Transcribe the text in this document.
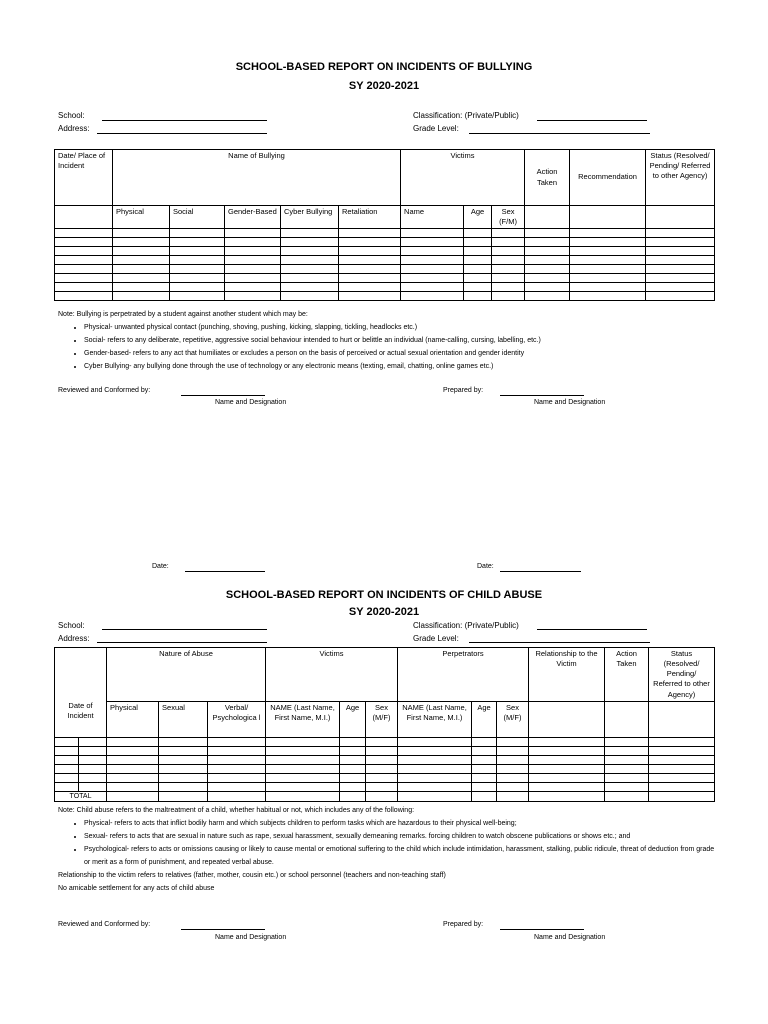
SCHOOL-BASED REPORT ON INCIDENTS OF BULLYING
SY 2020-2021
School:
Address:
Classification: (Private/Public)
Grade Level:
Date/ Place of Incident	Name of Bullying					Victims			Action Taken	Recommendation	Status (Resolved/ Pending/ Referred to other Agency)
	Physical	Social	Gender-Based	Cyber Bullying	Retaliation	Name	Age	Sex (F/M)			

Note: Bullying is perpetrated by a student against another student which may be:
• Physical- unwanted physical contact (punching, shoving, pushing, kicking, slapping, tickling, headlocks etc.)
• Social- refers to any deliberate, repetitive, aggressive social behaviour intended to hurt or belittle an individual (name-calling, cursing, labelling, etc.)
• Gender-based- refers to any act that humiliates or excludes a person on the basis of perceived or actual sexual orientation and gender identity
• Cyber Bullying- any bullying done through the use of technology or any electronic means (texting, email, chatting, online games etc.)
Reviewed and Conformed by:
Name and Designation
Prepared by:
Name and Designation
Date:	Date:
SCHOOL-BASED REPORT ON INCIDENTS OF CHILD ABUSE
SY 2020-2021
School:
Address:
Classification: (Private/Public)
Grade Level:
Date of Incident		Nature of Abuse			Victims			Perpetrators			Relationship to the Victim	Action Taken	Status (Resolved/ Pending/ Referred to other Agency)
		Physical	Sexual	Verbal/ Psychologica l	NAME (Last Name, First Name, M.I.)	Age	Sex (M/F)	NAME (Last Name, First Name, M.I.)	Age	Sex (M/F)			

TOTAL													
Note: Child abuse refers to the maltreatment of a child, whether habitual or not, which includes any of the following:
• Physical- refers to acts that inflict bodily harm and which subjects children to perform tasks which are hazardous to their physical well-being;
• Sexual- refers to acts that are sexual in nature such as rape, sexual harassment, sexually demeaning remarks. forcing children to watch obscene publications or shows etc.; and
• Psychological- refers to acts or omissions causing or likely to cause mental or emotional suffering to the child which include intimidation, harassment, stalking, public ridicule, threat of deduction from grade or merit as a form of punishment, and repeated verbal abuse.
Relationship to the victim refers to relatives (father, mother, cousin etc.) or school personnel (teachers and non-teaching staff)
No amicable settlement for any acts of child abuse
Reviewed and Conformed by:
Name and Designation
Prepared by:
Name and Designation
